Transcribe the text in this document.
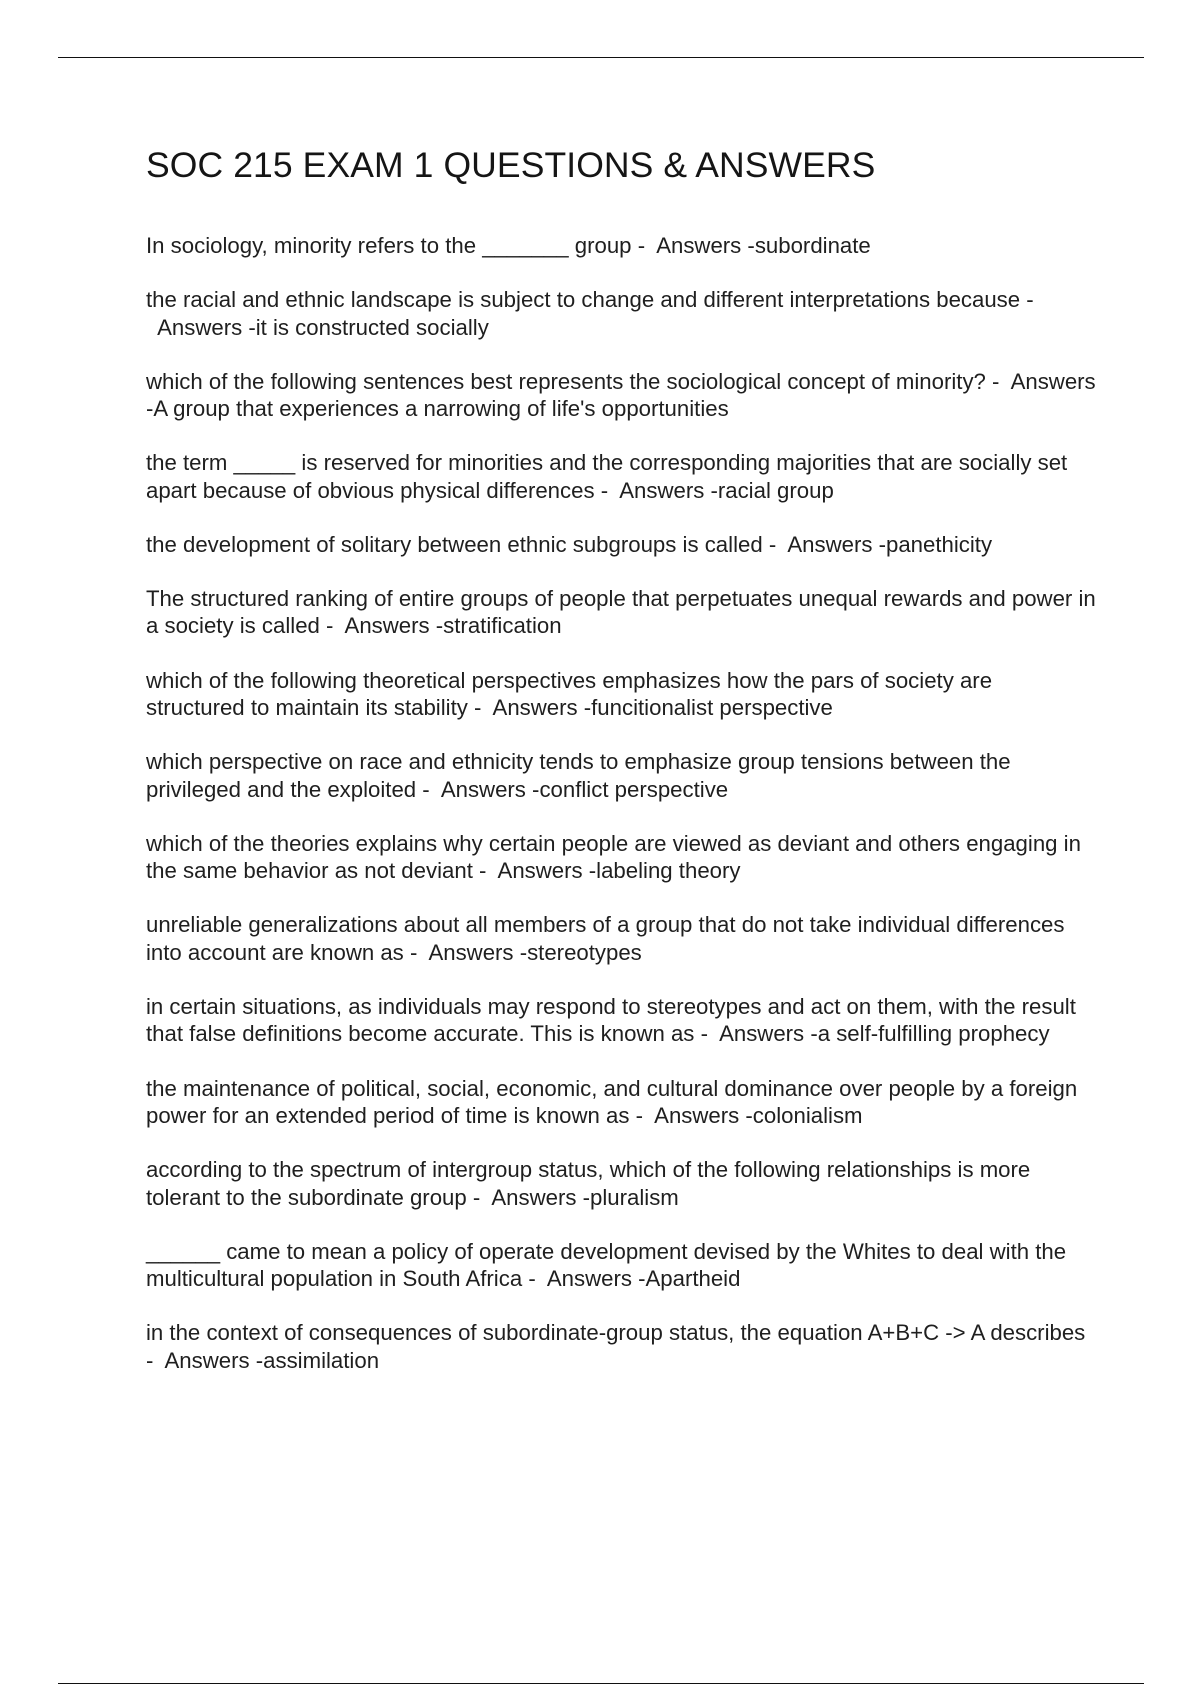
SOC 215 EXAM 1 QUESTIONS & ANSWERS
In sociology, minority refers to the _______ group - Answers -subordinate
the racial and ethnic landscape is subject to change and different interpretations because -  Answers -it is constructed socially
which of the following sentences best represents the sociological concept of minority? - Answers -A group that experiences a narrowing of life's opportunities
the term _____ is reserved for minorities and the corresponding majorities that are socially set apart because of obvious physical differences - Answers -racial group
the development of solitary between ethnic subgroups is called - Answers -panethicity
The structured ranking of entire groups of people that perpetuates unequal rewards and power in a society is called - Answers -stratification
which of the following theoretical perspectives emphasizes how the pars of society are structured to maintain its stability - Answers -funcitionalist perspective
which perspective on race and ethnicity tends to emphasize group tensions between the privileged and the exploited - Answers -conflict perspective
which of the theories explains why certain people are viewed as deviant and others engaging in the same behavior as not deviant - Answers -labeling theory
unreliable generalizations about all members of a group that do not take individual differences into account are known as - Answers -stereotypes
in certain situations, as individuals may respond to stereotypes and act on them, with the result that false definitions become accurate. This is known as - Answers -a self-fulfilling prophecy
the maintenance of political, social, economic, and cultural dominance over people by a foreign power for an extended period of time is known as - Answers -colonialism
according to the spectrum of intergroup status, which of the following relationships is more tolerant to the subordinate group - Answers -pluralism
______ came to mean a policy of operate development devised by the Whites to deal with the multicultural population in South Africa - Answers -Apartheid
in the context of consequences of subordinate-group status, the equation A+B+C -> A describes - Answers -assimilation
